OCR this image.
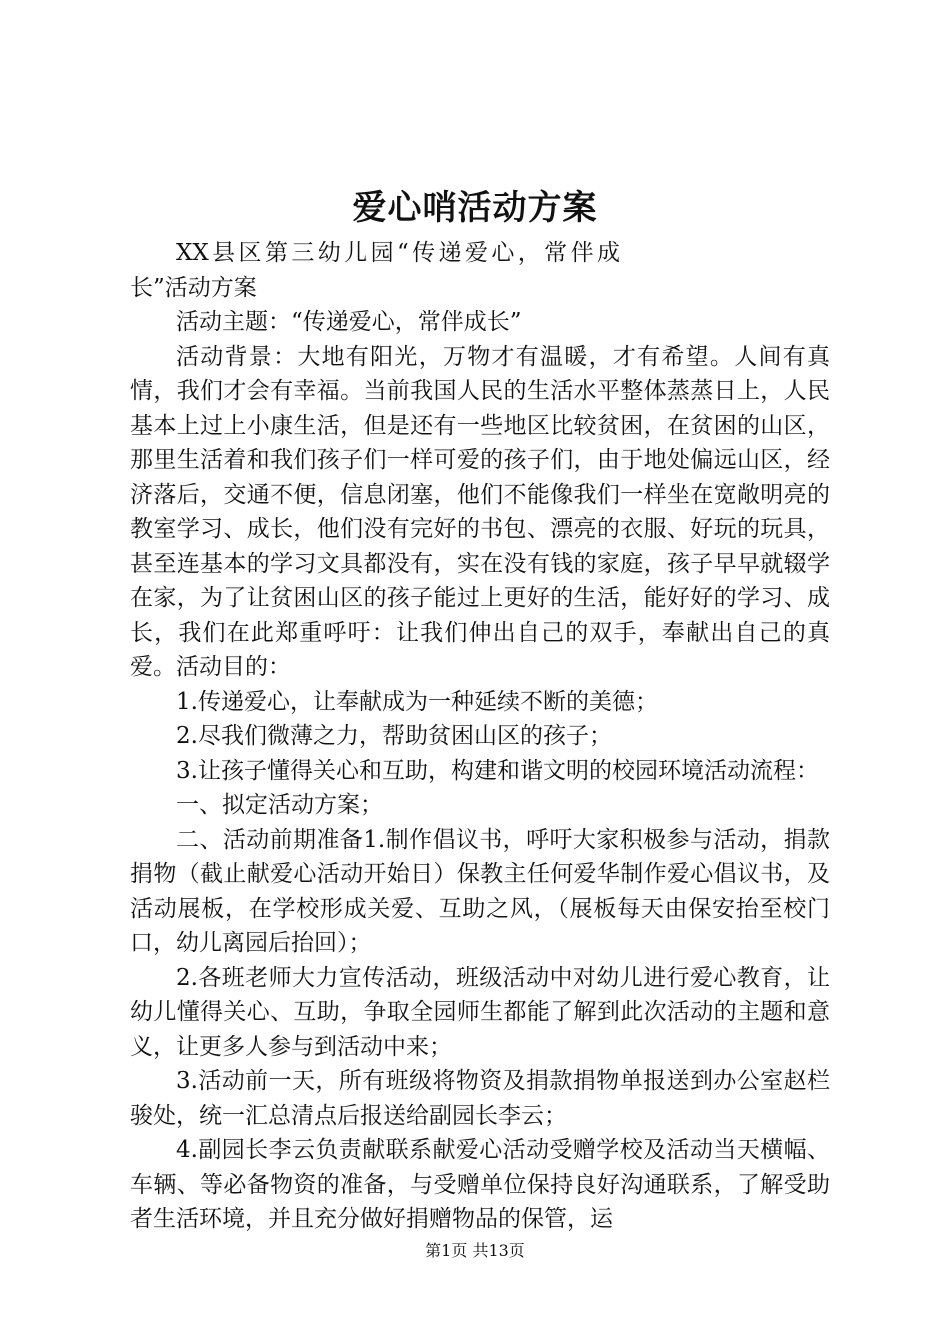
爱心哨活动方案

XX县区第三幼儿园“传递爱心，常伴成长”活动方案

活动主题：“传递爱心，常伴成长”

活动背景：大地有阳光，万物才有温暖，才有希望。人间有真情，我们才会有幸福。当前我国人民的生活水平整体蒸蒸日上，人民基本上过上小康生活，但是还有一些地区比较贫困，在贫困的山区，那里生活着和我们孩子们一样可爱的孩子们，由于地处偏远山区，经济落后，交通不便，信息闭塞，他们不能像我们一样坐在宽敞明亮的教室学习、成长，他们没有完好的书包、漂亮的衣服、好玩的玩具，甚至连基本的学习文具都没有，实在没有钱的家庭，孩子早早就辍学在家，为了让贫困山区的孩子能过上更好的生活，能好好的学习、成长，我们在此郑重呼吁：让我们伸出自己的双手，奉献出自己的真爱。活动目的：

1.传递爱心，让奉献成为一种延续不断的美德；

2.尽我们微薄之力，帮助贫困山区的孩子；

3.让孩子懂得关心和互助，构建和谐文明的校园环境活动流程：

一、拟定活动方案；

二、活动前期准备1.制作倡议书，呼吁大家积极参与活动，捐款捐物（截止献爱心活动开始日）保教主任何爱华制作爱心倡议书，及活动展板，在学校形成关爱、互助之风，（展板每天由保安抬至校门口，幼儿离园后抬回）；

2.各班老师大力宣传活动，班级活动中对幼儿进行爱心教育，让幼儿懂得关心、互助，争取全园师生都能了解到此次活动的主题和意义，让更多人参与到活动中来；

3.活动前一天，所有班级将物资及捐款捐物单报送到办公室赵栏骏处，统一汇总清点后报送给副园长李云；

4.副园长李云负责献联系献爱心活动受赠学校及活动当天横幅、车辆、等必备物资的准备，与受赠单位保持良好沟通联系，了解受助者生活环境，并且充分做好捐赠物品的保管，运

第1页 共13页
